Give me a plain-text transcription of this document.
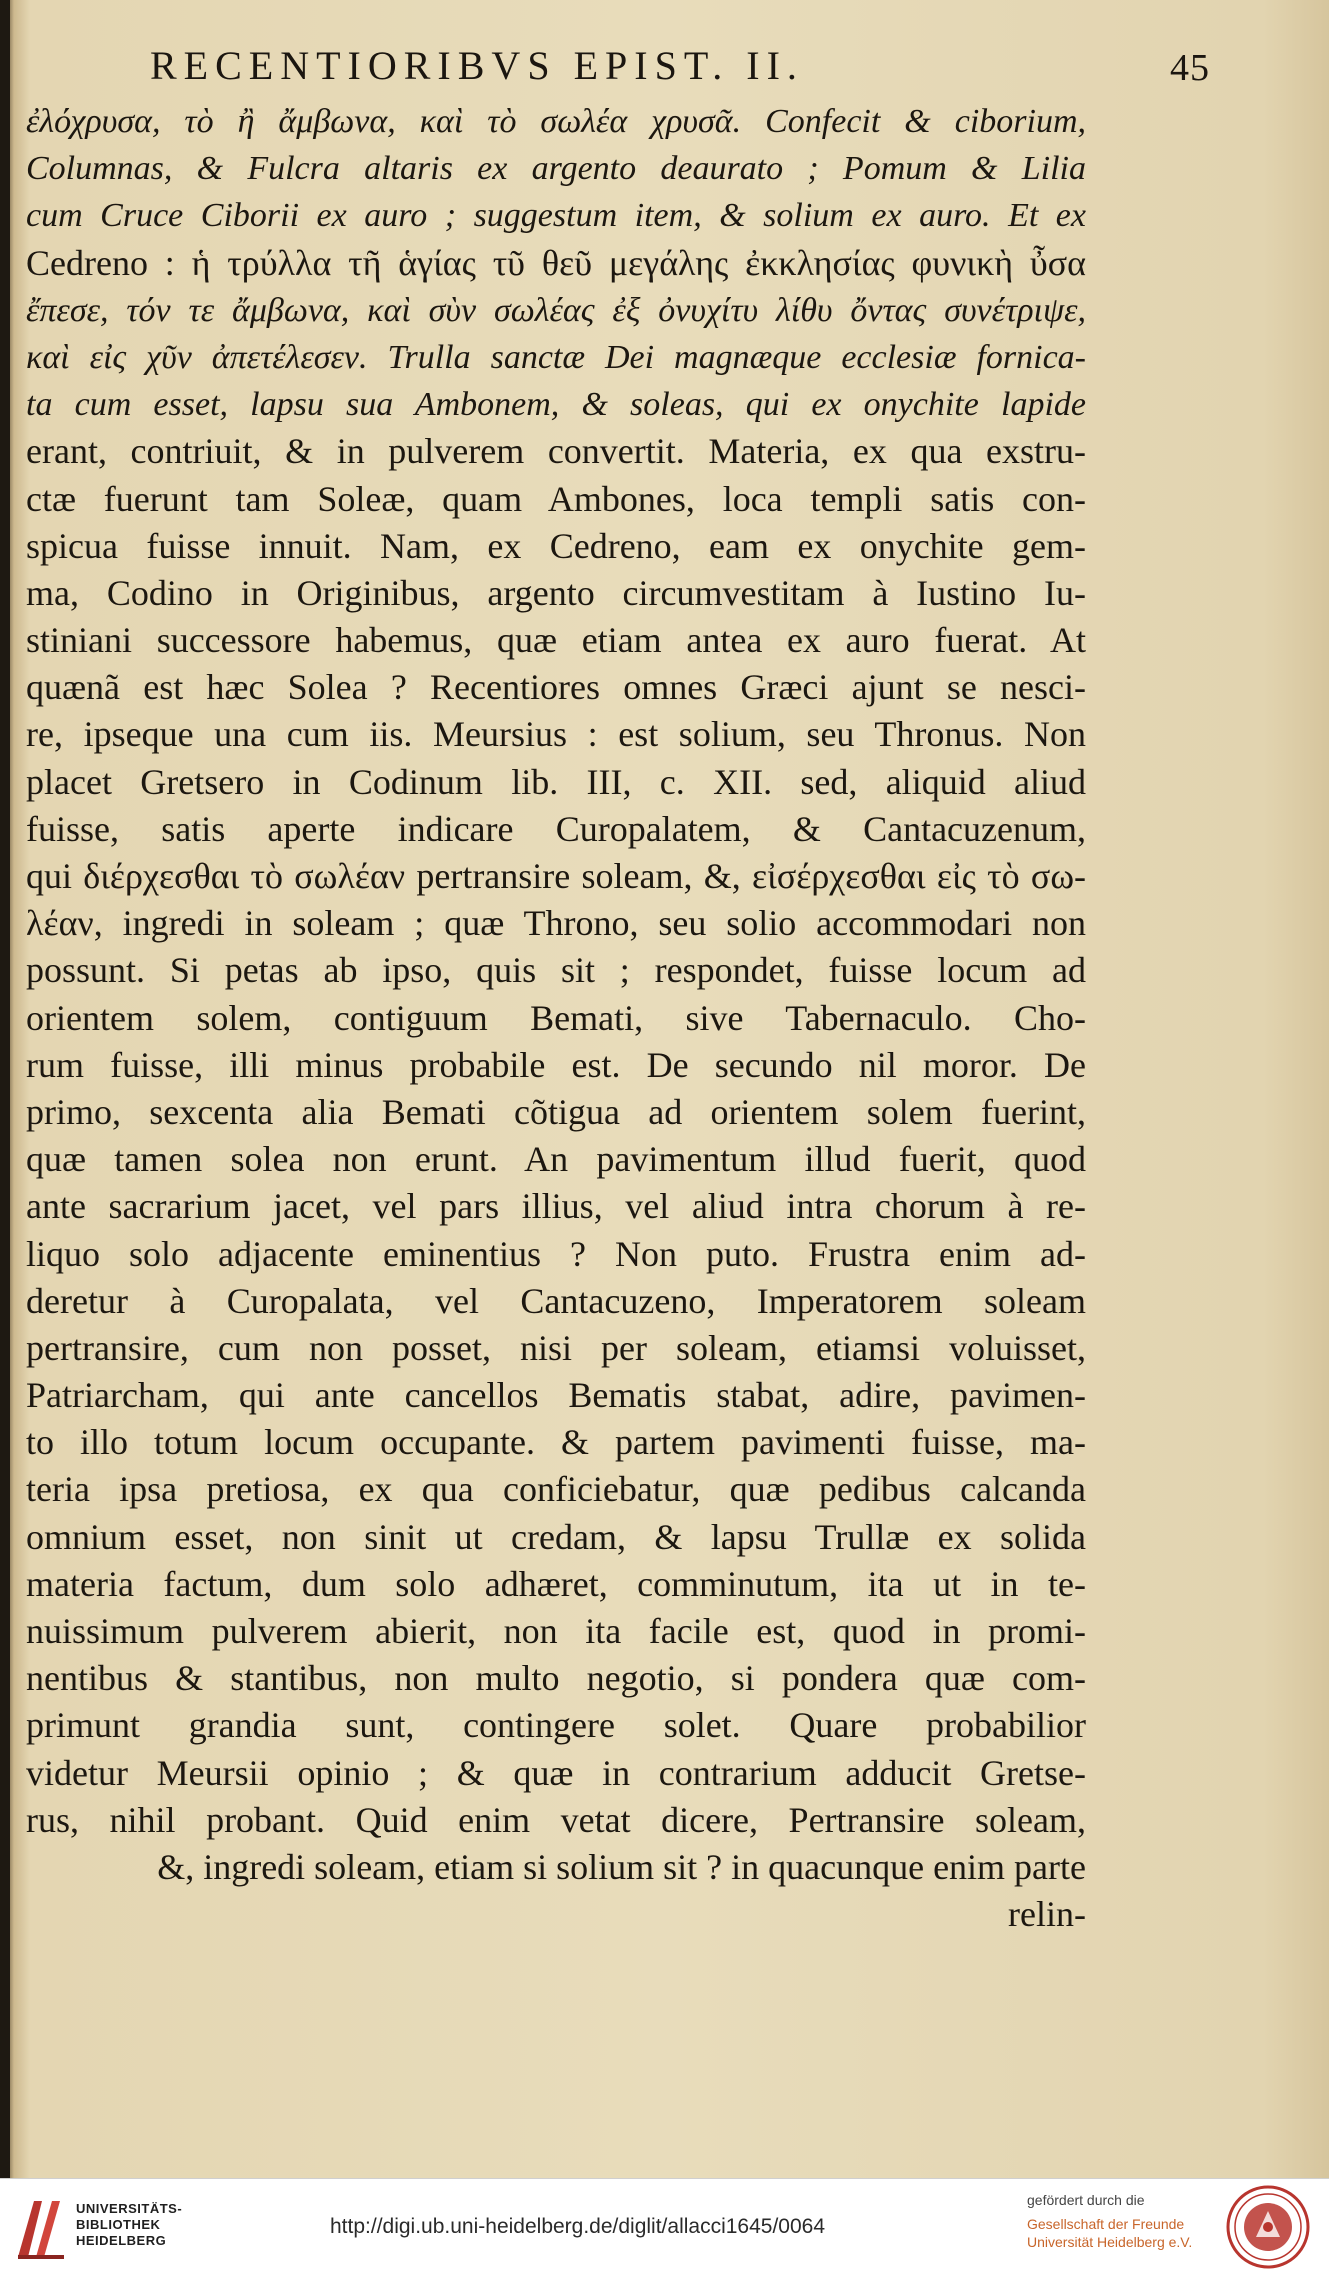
RECENTIORIBVS EPIST. II.	45
ἐλόχρυσα, τὸ ἢ ἄμβωνα, καὶ τὸ σωλέα χρυσᾶ. Confecit & ciborium,
Columnas, & Fulcra altaris ex argento deaurato ; Pomum & Lilia
cum Cruce Ciborii ex auro ; suggestum item, & solium ex auro. Et ex
Cedreno : ἡ τρύλλα τῆ ἁγίας τῦ θεῦ μεγάλης ἐκκλησίας φυνικὴ ὖσα
ἔπεσε, τόν τε ἄμβωνα, καὶ σὺν σωλέας ἐξ ὀνυχίτυ λίθυ ὄντας συνέτριψε,
καὶ εἰς χῦν ἀπετέλεσεν. Trulla sanctæ Dei magnæque ecclesiæ fornica-
ta cum esset, lapsu sua Ambonem, & soleas, qui ex onychite lapide
erant, contriuit, & in pulverem convertit. Materia, ex qua exstru-
ctæ fuerunt tam Soleæ, quam Ambones, loca templi satis con-
spicua fuisse innuit. Nam, ex Cedreno, eam ex onychite gem-
ma, Codino in Originibus, argento circumvestitam à Iustino Iu-
stiniani successore habemus, quæ etiam antea ex auro fuerat. At
quænã est hæc Solea ? Recentiores omnes Græci ajunt se nesci-
re, ipseque una cum iis. Meursius : est solium, seu Thronus. Non
placet Gretsero in Codinum lib. III, c. XII. sed, aliquid aliud
fuisse, satis aperte indicare Curopalatem, & Cantacuzenum,
qui διέρχεσθαι τὸ σωλέαν pertransire soleam, &, εἰσέρχεσθαι εἰς τὸ σω-
λέαν, ingredi in soleam ; quæ Throno, seu solio accommodari non
possunt. Si petas ab ipso, quis sit ; respondet, fuisse locum ad
orientem solem, contiguum Bemati, sive Tabernaculo. Cho-
rum fuisse, illi minus probabile est. De secundo nil moror. De
primo, sexcenta alia Bemati cõtigua ad orientem solem fuerint,
quæ tamen solea non erunt. An pavimentum illud fuerit, quod
ante sacrarium jacet, vel pars illius, vel aliud intra chorum à re-
liquo solo adjacente eminentius ? Non puto. Frustra enim ad-
deretur à Curopalata, vel Cantacuzeno, Imperatorem soleam
pertransire, cum non posset, nisi per soleam, etiamsi voluisset,
Patriarcham, qui ante cancellos Bematis stabat, adire, pavimen-
to illo totum locum occupante. & partem pavimenti fuisse, ma-
teria ipsa pretiosa, ex qua conficiebatur, quæ pedibus calcanda
omnium esset, non sinit ut credam, & lapsu Trullæ ex solida
materia factum, dum solo adhæret, comminutum, ita ut in te-
nuissimum pulverem abierit, non ita facile est, quod in promi-
nentibus & stantibus, non multo negotio, si pondera quæ com-
primunt grandia sunt, contingere solet. Quare probabilior
videtur Meursii opinio ; & quæ in contrarium adducit Gretse-
rus, nihil probant. Quid enim vetat dicere, Pertransire soleam,
&, ingredi soleam, etiam si solium sit ? in quacunque enim parte
relin-
UNIVERSITÄTS-
BIBLIOTHEK
HEIDELBERG
http://digi.ub.uni-heidelberg.de/diglit/allacci1645/0064
gefördert durch die
Gesellschaft der Freunde
Universität Heidelberg e.V.
